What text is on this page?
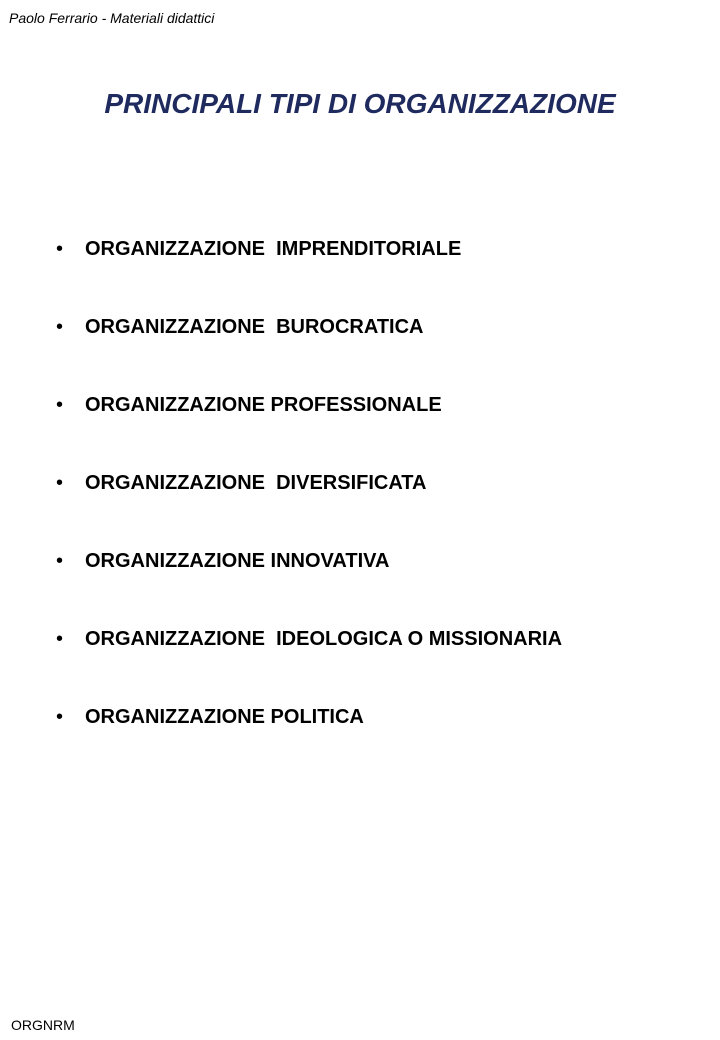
Paolo Ferrario - Materiali didattici
PRINCIPALI TIPI DI ORGANIZZAZIONE
•	ORGANIZZAZIONE  IMPRENDITORIALE
•	ORGANIZZAZIONE  BUROCRATICA
•	ORGANIZZAZIONE PROFESSIONALE
•	ORGANIZZAZIONE  DIVERSIFICATA
•	ORGANIZZAZIONE INNOVATIVA
•	ORGANIZZAZIONE  IDEOLOGICA O MISSIONARIA
•	ORGANIZZAZIONE POLITICA
ORGNRM
